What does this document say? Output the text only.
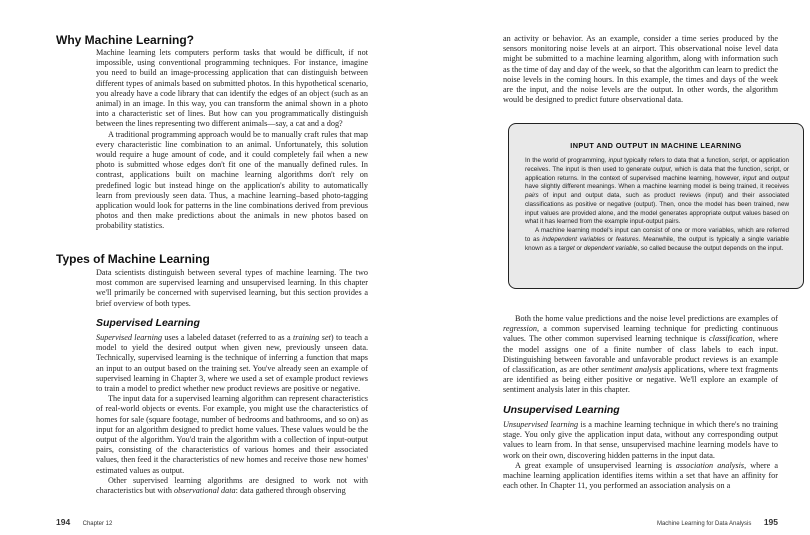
Why Machine Learning?

Machine learning lets computers perform tasks that would be difficult, if not impossible, using conventional programming techniques. For instance, imagine you need to build an image-processing application that can distinguish between different types of animals based on submitted photos. In this hypothetical scenario, you already have a code library that can identify the edges of an object (such as an animal) in an image. In this way, you can transform the animal shown in a photo into a characteristic set of lines. But how can you programmatically distinguish between the lines representing two different animals—say, a cat and a dog?

A traditional programming approach would be to manually craft rules that map every characteristic line combination to an animal. Unfortunately, this solution would require a huge amount of code, and it could completely fail when a new photo is submitted whose edges don't fit one of the manually defined rules. In contrast, applications built on machine learning algorithms don't rely on predefined logic but instead hinge on the application's ability to automatically learn from previously seen data. Thus, a machine learning–based photo-tagging application would look for patterns in the line combinations derived from previous photos and then make predictions about the animals in new photos based on probability statistics.

Types of Machine Learning

Data scientists distinguish between several types of machine learning. The two most common are supervised learning and unsupervised learning. In this chapter we'll primarily be concerned with supervised learning, but this section provides a brief overview of both types.

Supervised Learning

Supervised learning uses a labeled dataset (referred to as a training set) to teach a model to yield the desired output when given new, previously unseen data. Technically, supervised learning is the technique of inferring a function that maps an input to an output based on the training set. You've already seen an example of supervised learning in Chapter 3, where we used a set of example product reviews to train a model to predict whether new product reviews are positive or negative.

The input data for a supervised learning algorithm can represent characteristics of real-world objects or events. For example, you might use the characteristics of homes for sale (square footage, number of bedrooms and bathrooms, and so on) as input for an algorithm designed to predict home values. These values would be the output of the algorithm. You'd train the algorithm with a collection of input-output pairs, consisting of the characteristics of various homes and their associated values, then feed it the characteristics of new homes and receive those new homes' estimated values as output.

Other supervised learning algorithms are designed to work not with characteristics but with observational data: data gathered through observing

194 Chapter 12

an activity or behavior. As an example, consider a time series produced by the sensors monitoring noise levels at an airport. This observational noise level data might be submitted to a machine learning algorithm, along with information such as the time of day and day of the week, so that the algorithm can learn to predict the noise levels in the coming hours. In this example, the times and days of the week are the input, and the noise levels are the output. In other words, the algorithm would be designed to predict future observational data.

INPUT AND OUTPUT IN MACHINE LEARNING

In the world of programming, input typically refers to data that a function, script, or application receives. The input is then used to generate output, which is data that the function, script, or application returns. In the context of supervised machine learning, however, input and output have slightly different meanings. When a machine learning model is being trained, it receives pairs of input and output data, such as product reviews (input) and their associated classifications as positive or negative (output). Then, once the model has been trained, new input values are provided alone, and the model generates appropriate output values based on what it has learned from the example input-output pairs.

A machine learning model's input can consist of one or more variables, which are referred to as independent variables or features. Meanwhile, the output is typically a single variable known as a target or dependent variable, so called because the output depends on the input.

Both the home value predictions and the noise level predictions are examples of regression, a common supervised learning technique for predicting continuous values. The other common supervised learning technique is classification, where the model assigns one of a finite number of class labels to each input. Distinguishing between favorable and unfavorable product reviews is an example of classification, as are other sentiment analysis applications, where text fragments are identified as being either positive or negative. We'll explore an example of sentiment analysis later in this chapter.

Unsupervised Learning

Unsupervised learning is a machine learning technique in which there's no training stage. You only give the application input data, without any corresponding output values to learn from. In that sense, unsupervised machine learning models have to work on their own, discovering hidden patterns in the input data.

A great example of unsupervised learning is association analysis, where a machine learning application identifies items within a set that have an affinity for each other. In Chapter 11, you performed an association analysis on a

Machine Learning for Data Analysis 195
